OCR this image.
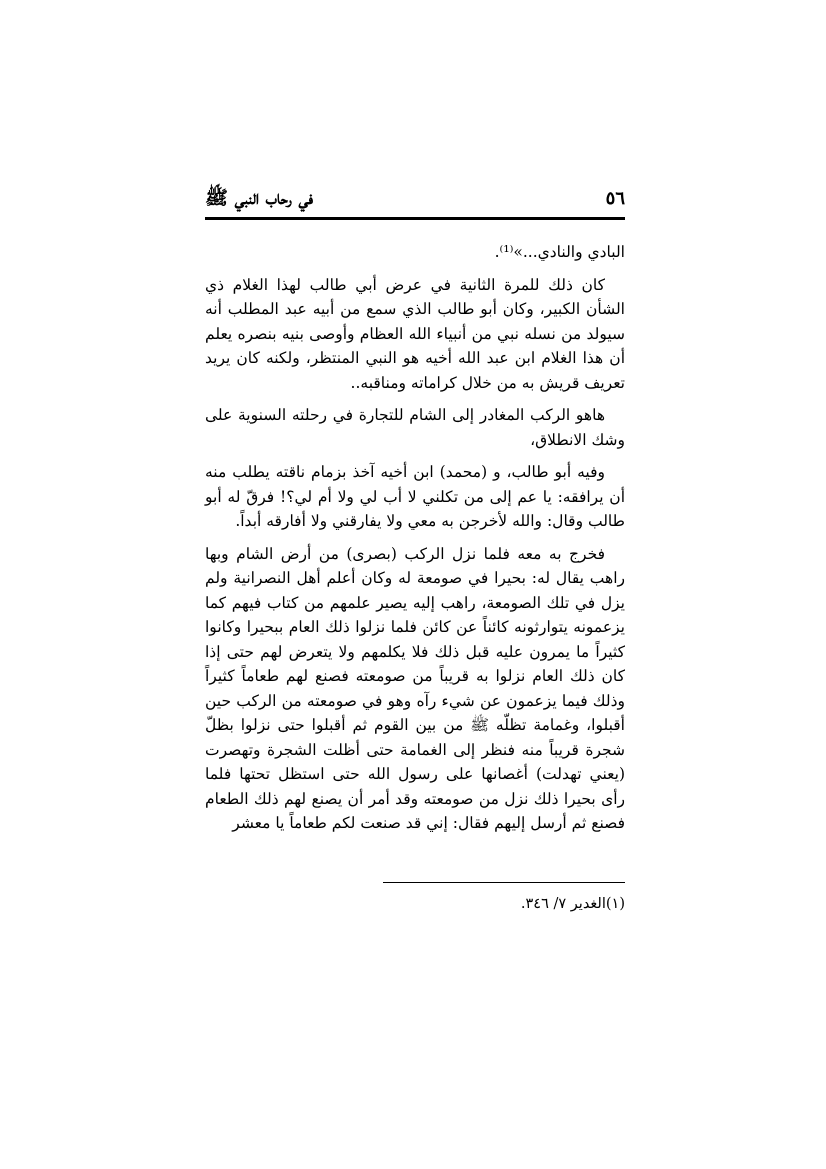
٥٦
في رحاب النبي ﷺ

البادي والنادي...»⁽¹⁾.

كان ذلك للمرة الثانية في عرض أبي طالب لهذا الغلام ذي الشأن الكبير، وكان أبو طالب الذي سمع من أبيه عبد المطلب أنه سيولد من نسله نبي من أنبياء الله العظام وأوصى بنيه بنصره يعلم أن هذا الغلام ابن عبد الله أخيه هو النبي المنتظر، ولكنه كان يريد تعريف قريش به من خلال كراماته ومناقبه..

هاهو الركب المغادر إلى الشام للتجارة في رحلته السنوية على وشك الانطلاق،

وفيه أبو طالب، و (محمد) ابن أخيه آخذ بزمام ناقته يطلب منه أن يرافقه: يا عم إلى من تكلني لا أب لي ولا أم لي؟! فرقّ له أبو طالب وقال: والله لأخرجن به معي ولا يفارقني ولا أفارقه أبداً.

فخرج به معه فلما نزل الركب (بصرى) من أرض الشام وبها راهب يقال له: بحيرا في صومعة له وكان أعلم أهل النصرانية ولم يزل في تلك الصومعة، راهب إليه يصير علمهم من كتاب فيهم كما يزعمونه يتوارثونه كائناً عن كائن فلما نزلوا ذلك العام ببحيرا وكانوا كثيراً ما يمرون عليه قبل ذلك فلا يكلمهم ولا يتعرض لهم حتى إذا كان ذلك العام نزلوا به قريباً من صومعته فصنع لهم طعاماً كثيراً وذلك فيما يزعمون عن شيء رآه وهو في صومعته من الركب حين أقبلوا، وغمامة تظلّه ﷺ من بين القوم ثم أقبلوا حتى نزلوا بظلّ شجرة قريباً منه فنظر إلى الغمامة حتى أظلت الشجرة وتهصرت (يعني تهدلت) أغصانها على رسول الله حتى استظل تحتها فلما رأى بحيرا ذلك نزل من صومعته وقد أمر أن يصنع لهم ذلك الطعام فصنع ثم أرسل إليهم فقال: إني قد صنعت لكم طعاماً يا معشر

(١)الغدير ٧/ ٣٤٦.
